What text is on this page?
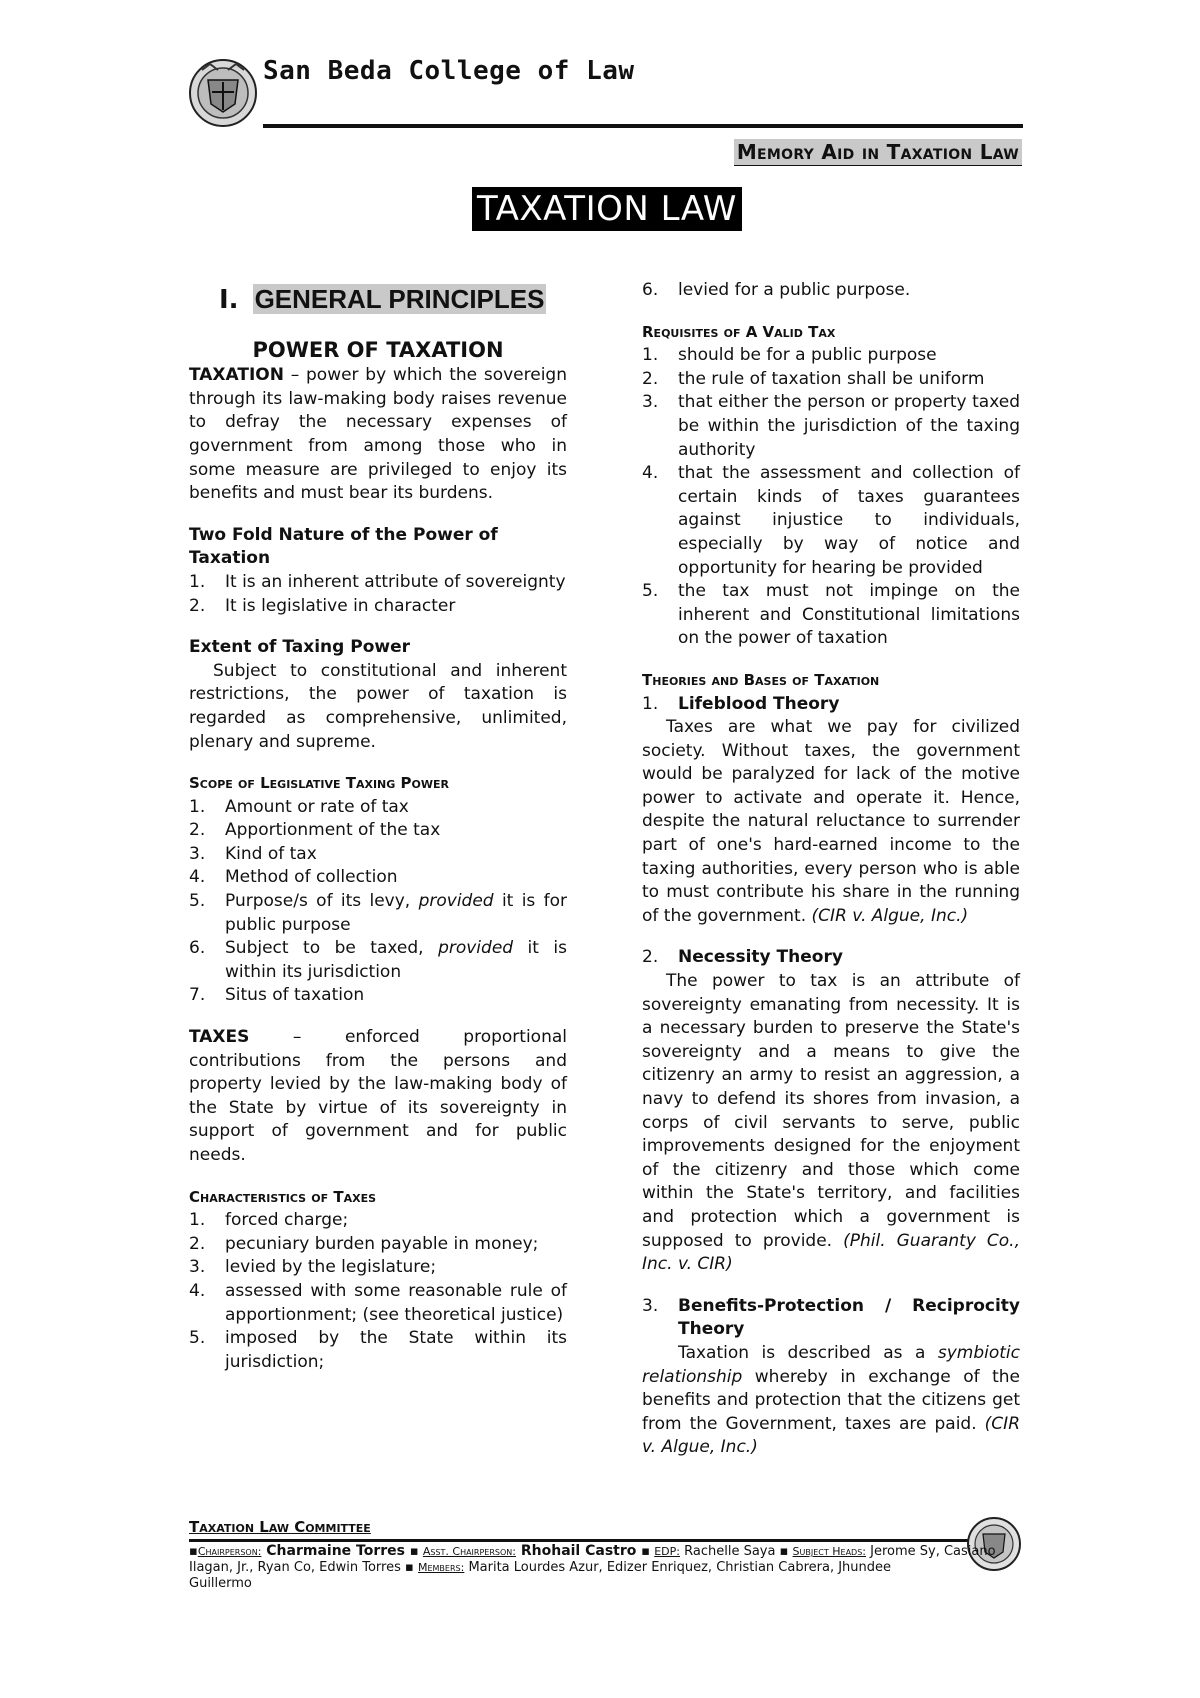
San Beda College of Law
Memory Aid in Taxation Law
TAXATION LAW
I. GENERAL PRINCIPLES
POWER OF TAXATION
TAXATION – power by which the sovereign through its law-making body raises revenue to defray the necessary expenses of government from among those who in some measure are privileged to enjoy its benefits and must bear its burdens.
Two Fold Nature of the Power of Taxation
1. It is an inherent attribute of sovereignty
2. It is legislative in character
Extent of Taxing Power
Subject to constitutional and inherent restrictions, the power of taxation is regarded as comprehensive, unlimited, plenary and supreme.
Scope of Legislative Taxing Power
1. Amount or rate of tax
2. Apportionment of the tax
3. Kind of tax
4. Method of collection
5. Purpose/s of its levy, provided it is for public purpose
6. Subject to be taxed, provided it is within its jurisdiction
7. Situs of taxation
TAXES – enforced proportional contributions from the persons and property levied by the law-making body of the State by virtue of its sovereignty in support of government and for public needs.
Characteristics of Taxes
1. forced charge;
2. pecuniary burden payable in money;
3. levied by the legislature;
4. assessed with some reasonable rule of apportionment; (see theoretical justice)
5. imposed by the State within its jurisdiction;
6. levied for a public purpose.
Requisites of A Valid Tax
1. should be for a public purpose
2. the rule of taxation shall be uniform
3. that either the person or property taxed be within the jurisdiction of the taxing authority
4. that the assessment and collection of certain kinds of taxes guarantees against injustice to individuals, especially by way of notice and opportunity for hearing be provided
5. the tax must not impinge on the inherent and Constitutional limitations on the power of taxation
Theories and Bases of Taxation
1. Lifeblood Theory
Taxes are what we pay for civilized society. Without taxes, the government would be paralyzed for lack of the motive power to activate and operate it. Hence, despite the natural reluctance to surrender part of one's hard-earned income to the taxing authorities, every person who is able to must contribute his share in the running of the government. (CIR v. Algue, Inc.)
2. Necessity Theory
The power to tax is an attribute of sovereignty emanating from necessity. It is a necessary burden to preserve the State's sovereignty and a means to give the citizenry an army to resist an aggression, a navy to defend its shores from invasion, a corps of civil servants to serve, public improvements designed for the enjoyment of the citizenry and those which come within the State's territory, and facilities and protection which a government is supposed to provide. (Phil. Guaranty Co., Inc. v. CIR)
3. Benefits-Protection / Reciprocity Theory
Taxation is described as a symbiotic relationship whereby in exchange of the benefits and protection that the citizens get from the Government, taxes are paid. (CIR v. Algue, Inc.)
Taxation Law Committee
▪Chairperson: Charmaine Torres ▪ Asst. Chairperson: Rhohail Castro ▪ EDP: Rachelle Saya ▪ Subject Heads: Jerome Sy, Casiano Ilagan, Jr., Ryan Co, Edwin Torres ▪ Members: Marita Lourdes Azur, Edizer Enriquez, Christian Cabrera, Jhundee
Guillermo
